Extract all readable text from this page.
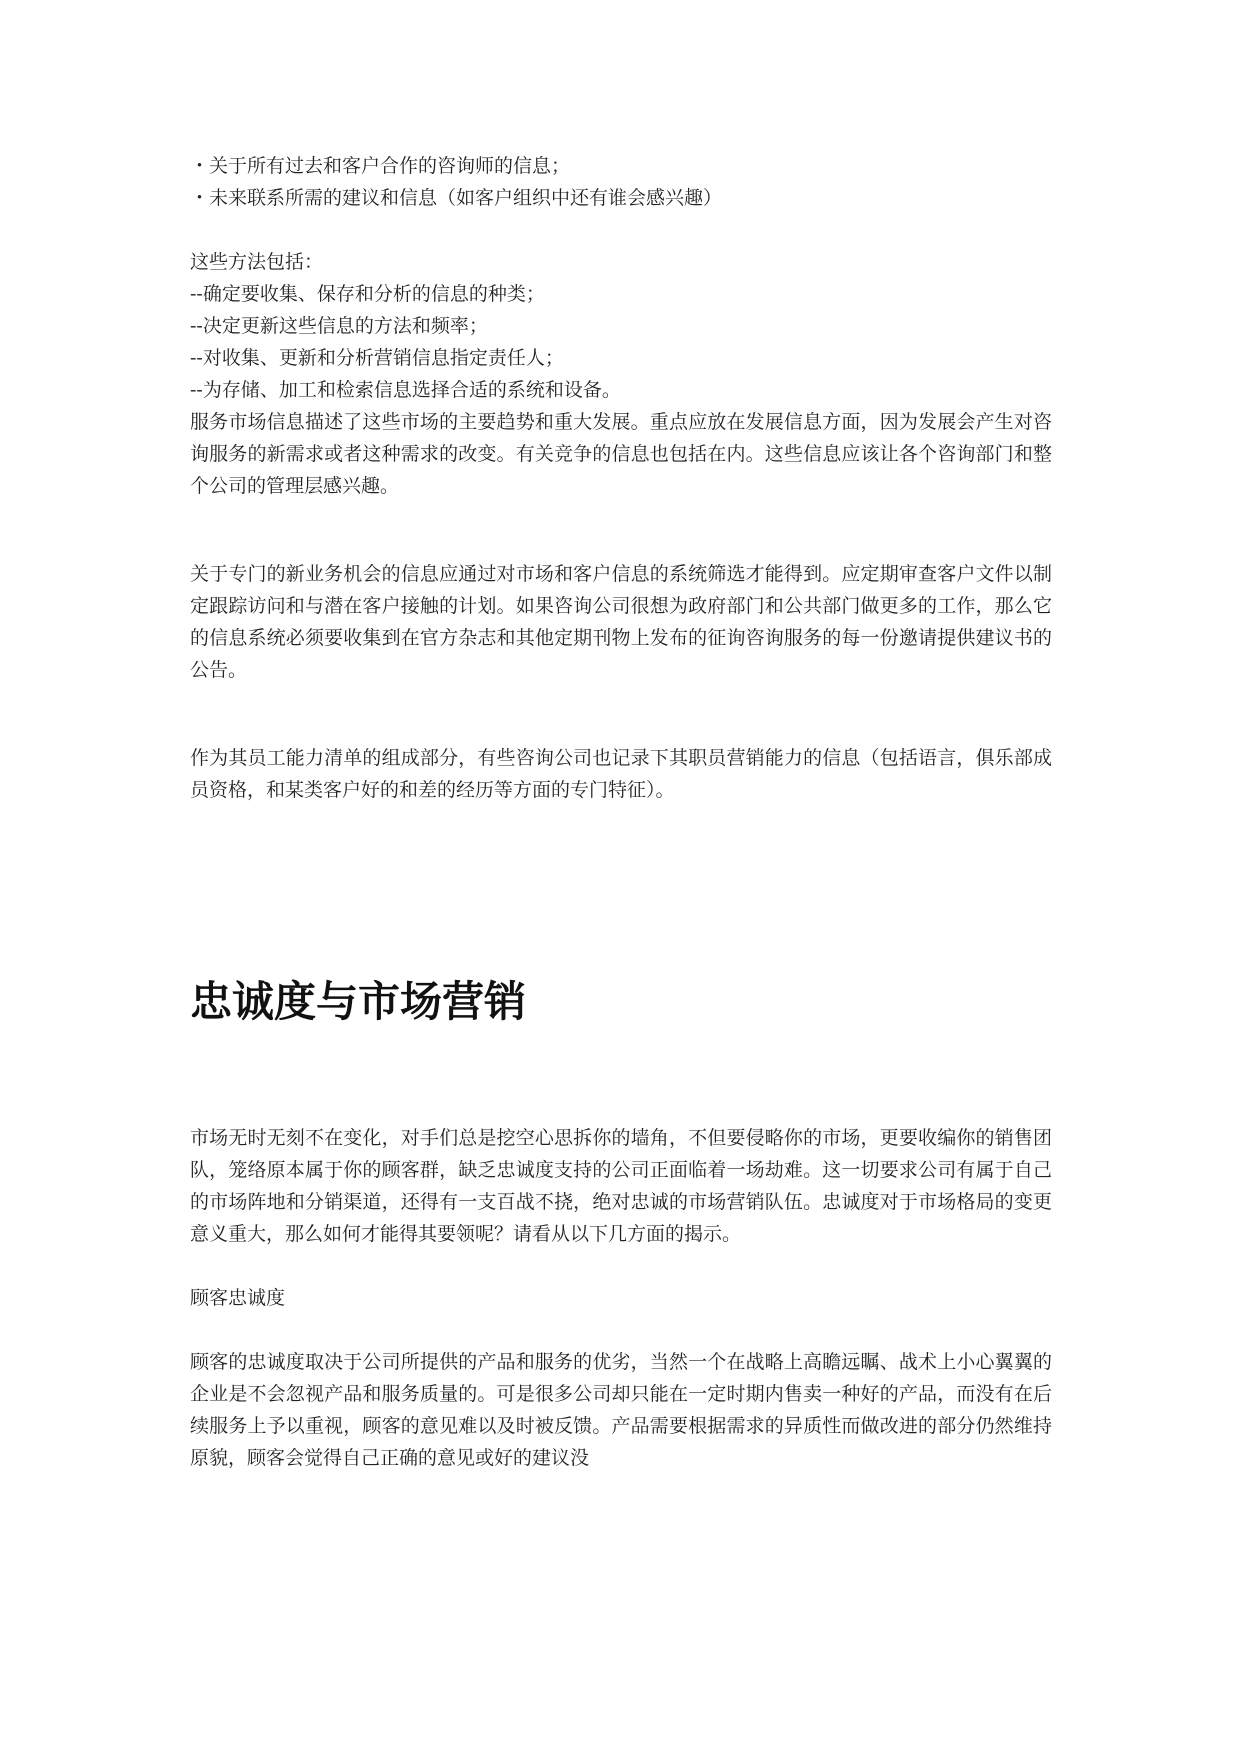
・关于所有过去和客户合作的咨询师的信息；
・未来联系所需的建议和信息（如客户组织中还有谁会感兴趣）
这些方法包括：
--确定要收集、保存和分析的信息的种类；
--决定更新这些信息的方法和频率；
--对收集、更新和分析营销信息指定责任人；
--为存储、加工和检索信息选择合适的系统和设备。

服务市场信息描述了这些市场的主要趋势和重大发展。重点应放在发展信息方面，因为发展会产生对咨询服务的新需求或者这种需求的改变。有关竞争的信息也包括在内。这些信息应该让各个咨询部门和整个公司的管理层感兴趣。

关于专门的新业务机会的信息应通过对市场和客户信息的系统筛选才能得到。应定期审查客户文件以制定跟踪访问和与潜在客户接触的计划。如果咨询公司很想为政府部门和公共部门做更多的工作，那么它的信息系统必须要收集到在官方杂志和其他定期刊物上发布的征询咨询服务的每一份邀请提供建议书的公告。

作为其员工能力清单的组成部分，有些咨询公司也记录下其职员营销能力的信息（包括语言，俱乐部成员资格，和某类客户好的和差的经历等方面的专门特征）。

忠诚度与市场营销

市场无时无刻不在变化，对手们总是挖空心思拆你的墙角，不但要侵略你的市场，更要收编你的销售团队，笼络原本属于你的顾客群，缺乏忠诚度支持的公司正面临着一场劫难。这一切要求公司有属于自己的市场阵地和分销渠道，还得有一支百战不挠，绝对忠诚的市场营销队伍。忠诚度对于市场格局的变更意义重大，那么如何才能得其要领呢？请看从以下几方面的揭示。

顾客忠诚度

顾客的忠诚度取决于公司所提供的产品和服务的优劣，当然一个在战略上高瞻远瞩、战术上小心翼翼的企业是不会忽视产品和服务质量的。可是很多公司却只能在一定时期内售卖一种好的产品，而没有在后续服务上予以重视，顾客的意见难以及时被反馈。产品需要根据需求的异质性而做改进的部分仍然维持原貌，顾客会觉得自己正确的意见或好的建议没
